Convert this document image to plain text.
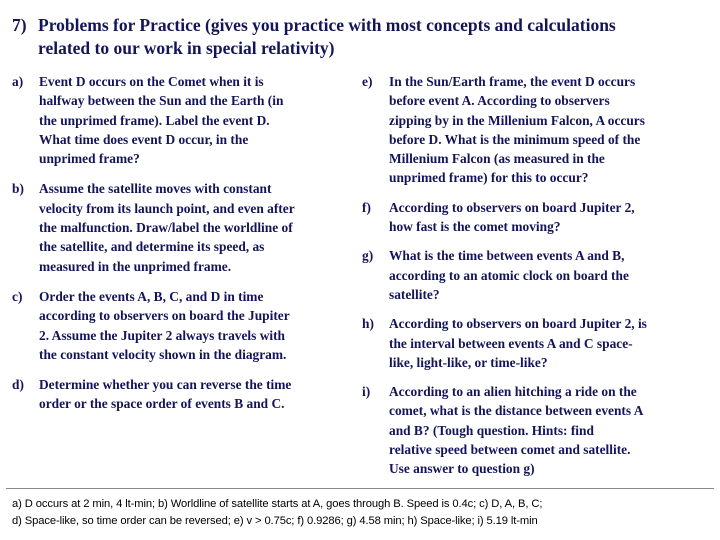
7) Problems for Practice (gives you practice with most concepts and calculations
related to our work in special relativity)
a) Event D occurs on the Comet when it is
halfway between the Sun and the Earth (in
the unprimed frame). Label the event D.
What time does event D occur, in the
unprimed frame?
b) Assume the satellite moves with constant
velocity from its launch point, and even after
the malfunction. Draw/label the worldline of
the satellite, and determine its speed, as
measured in the unprimed frame.
c) Order the events A, B, C, and D in time
according to observers on board the Jupiter
2. Assume the Jupiter 2 always travels with
the constant velocity shown in the diagram.
d) Determine whether you can reverse the time
order or the space order of events B and C.
e) In the Sun/Earth frame, the event D occurs
before event A. According to observers
zipping by in the Millenium Falcon, A occurs
before D. What is the minimum speed of the
Millenium Falcon (as measured in the
unprimed frame) for this to occur?
f) According to observers on board Jupiter 2,
how fast is the comet moving?
g) What is the time between events A and B,
according to an atomic clock on board the
satellite?
h) According to observers on board Jupiter 2, is
the interval between events A and C space-
like, light-like, or time-like?
i) According to an alien hitching a ride on the
comet, what is the distance between events A
and B? (Tough question. Hints: find
relative speed between comet and satellite.
Use answer to question g)
a) D occurs at 2 min, 4 lt-min; b) Worldline of satellite starts at A, goes through B. Speed is 0.4c; c) D, A, B, C;
d) Space-like, so time order can be reversed; e) v > 0.75c; f) 0.9286; g) 4.58 min; h) Space-like; i) 5.19 lt-min
